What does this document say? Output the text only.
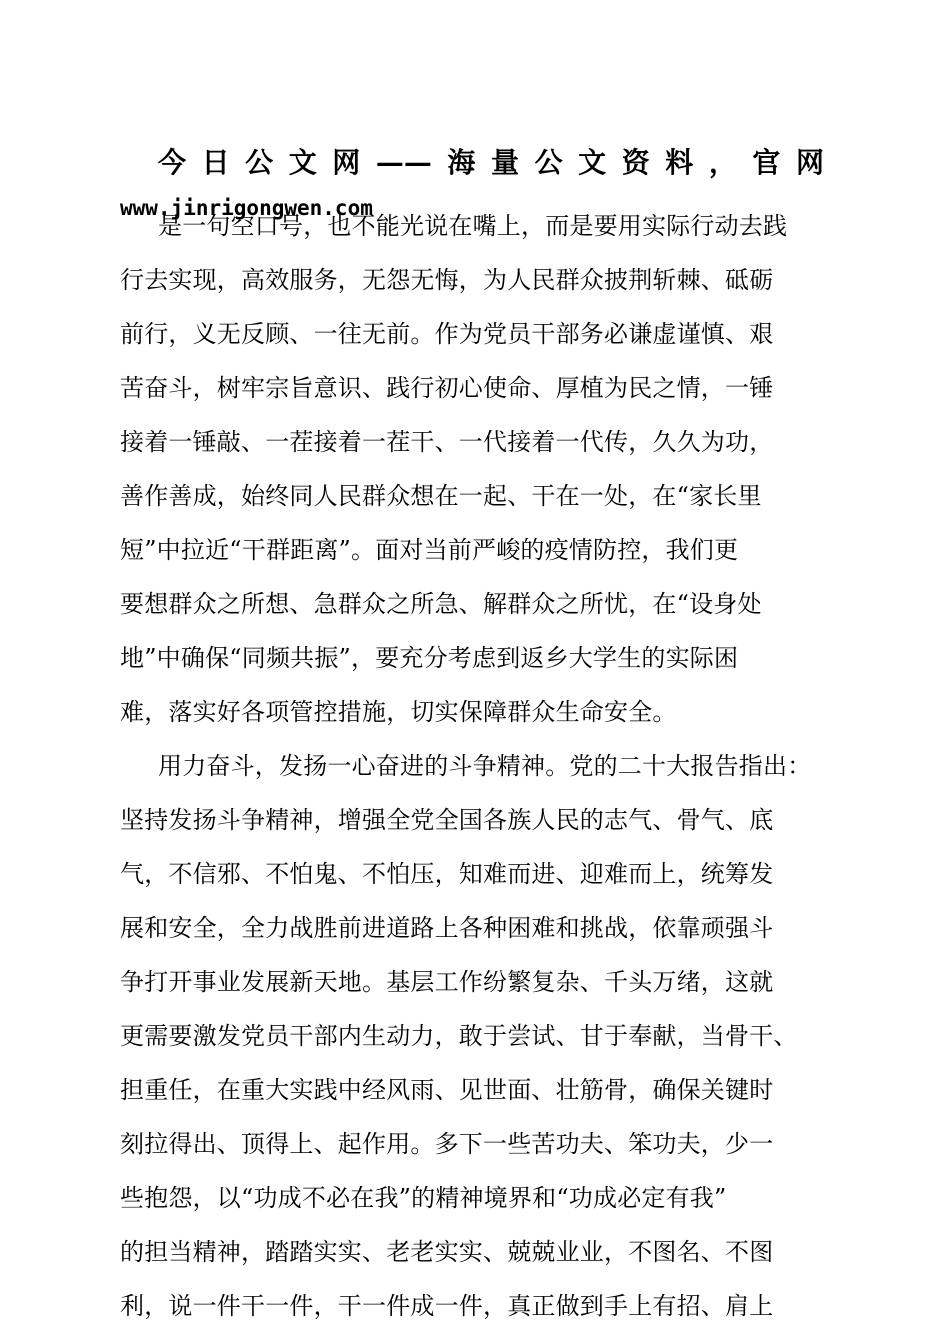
今日公文网——海量公文资料，官网
www.jinrigongwen.com
是一句空口号，也不能光说在嘴上，而是要用实际行动去践
行去实现，高效服务，无怨无悔，为人民群众披荆斩棘、砥砺
前行，义无反顾、一往无前。作为党员干部务必谦虚谨慎、艰
苦奋斗，树牢宗旨意识、践行初心使命、厚植为民之情，一锤
接着一锤敲、一茬接着一茬干、一代接着一代传，久久为功，
善作善成，始终同人民群众想在一起、干在一处，在“家长里
短”中拉近“干群距离”。面对当前严峻的疫情防控，我们更
要想群众之所想、急群众之所急、解群众之所忧，在“设身处
地”中确保“同频共振”，要充分考虑到返乡大学生的实际困
难，落实好各项管控措施，切实保障群众生命安全。
用力奋斗，发扬一心奋进的斗争精神。党的二十大报告指出：
坚持发扬斗争精神，增强全党全国各族人民的志气、骨气、底
气，不信邪、不怕鬼、不怕压，知难而进、迎难而上，统筹发
展和安全，全力战胜前进道路上各种困难和挑战，依靠顽强斗
争打开事业发展新天地。基层工作纷繁复杂、千头万绪，这就
更需要激发党员干部内生动力，敢于尝试、甘于奉献，当骨干、
担重任，在重大实践中经风雨、见世面、壮筋骨，确保关键时
刻拉得出、顶得上、起作用。多下一些苦功夫、笨功夫，少一
些抱怨，以“功成不必在我”的精神境界和“功成必定有我”
的担当精神，踏踏实实、老老实实、兢兢业业，不图名、不图
利，说一件干一件，干一件成一件，真正做到手上有招、肩上
